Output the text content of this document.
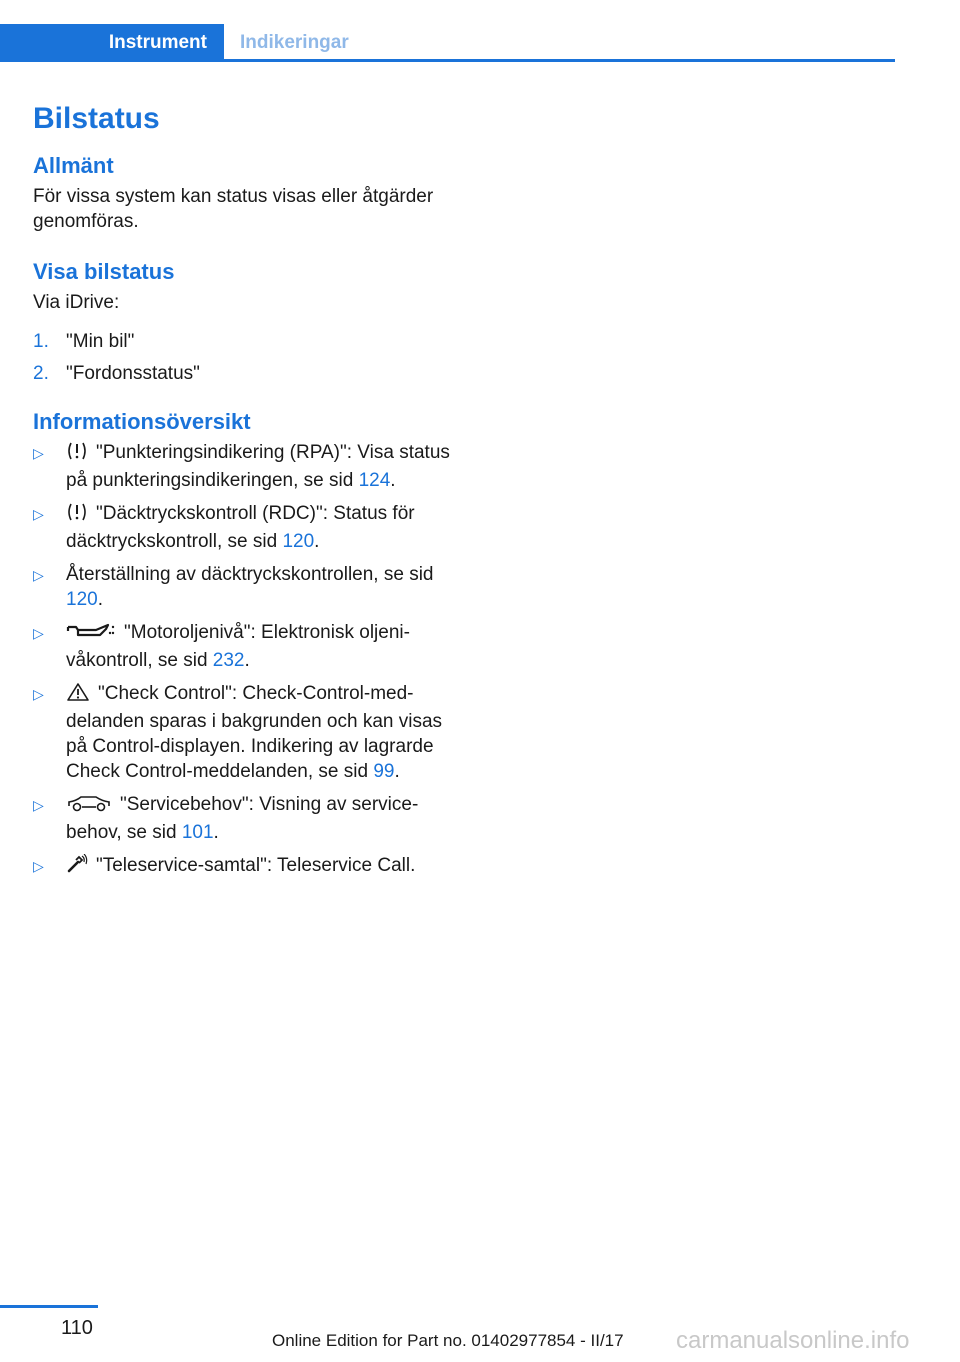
Instrument Indikeringar
Bilstatus
Allmänt
För vissa system kan status visas eller åtgärder genomföras.
Visa bilstatus
Via iDrive:
1. "Min bil"
2. "Fordonsstatus"
Informationsöversikt
▷	"Punkteringsindikering (RPA)": Visa status på punkteringsindikeringen, se sid 124.
▷	"Däcktryckskontroll (RDC)": Status för däcktryckskontroll, se sid 120.
▷	Återställning av däcktryckskontrollen, se sid 120.
▷	"Motoroljenivå": Elektronisk oljenivåkontroll, se sid 232.
▷	"Check Control": Check-Control-meddelanden sparas i bakgrunden och kan visas på Control-displayen. Indikering av lagrarde Check Control-meddelanden, se sid 99.
▷	"Servicebehov": Visning av servicebehov, se sid 101.
▷	"Teleservice-samtal": Teleservice Call.
110
Online Edition for Part no. 01402977854 - II/17 carmanualsonline.info
